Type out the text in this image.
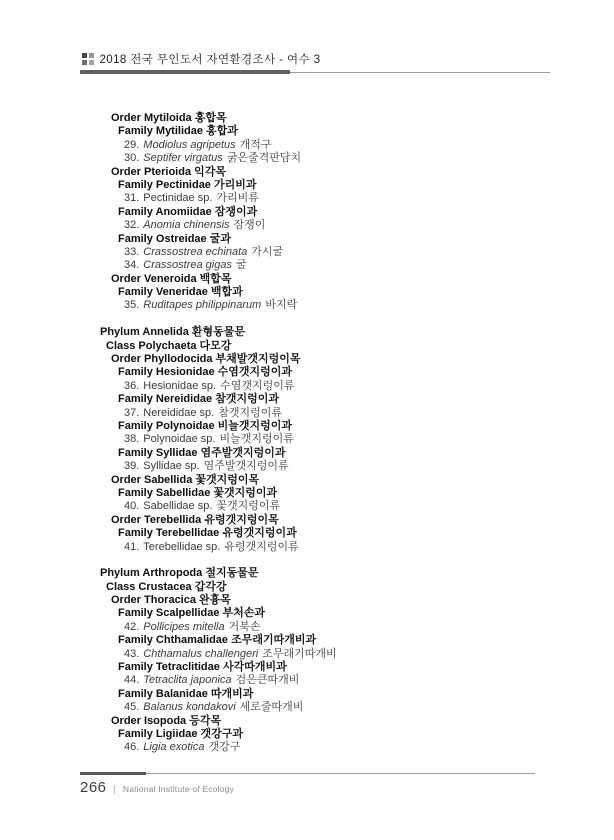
2018 전국 무인도서 자연환경조사 - 여수 3
Order Mytiloida 홍합목
Family Mytilidae 홍합과
29. Modiolus agripetus 개적구
30. Septifer virgatus 굵은줄격판담치
Order Pterioida 익각목
Family Pectinidae 가리비과
31. Pectinidae sp. 가리비류
Family Anomiidae 잠쟁이과
32. Anomia chinensis 잠쟁이
Family Ostreidae 굴과
33. Crassostrea echinata 가시굴
34. Crassostrea gigas 굴
Order Veneroida 백합목
Family Veneridae 백합과
35. Ruditapes philippinarum 바지락
Phylum Annelida 환형동물문
Class Polychaeta 다모강
Order Phyllodocida 부채발갯지렁이목
Family Hesionidae 수염갯지렁이과
36. Hesionidae sp. 수염갯지렁이류
Family Nereididae 참갯지렁이과
37. Nereididae sp. 참갯지렁이류
Family Polynoidae 비늘갯지렁이과
38. Polynoidae sp. 비늘갯지렁이류
Family Syllidae 염주발갯지렁이과
39. Syllidae sp. 염주발갯지렁이류
Order Sabellida 꽃갯지렁이목
Family Sabellidae 꽃갯지렁이과
40. Sabellidae sp. 꽃갯지렁이류
Order Terebellida 유령갯지렁이목
Family Terebellidae 유령갯지렁이과
41. Terebellidae sp. 유령갯지렁이류
Phylum Arthropoda 절지동물문
Class Crustacea 갑각강
Order Thoracica 완흉목
Family Scalpellidae 부처손과
42. Pollicipes mitella 거북손
Family Chthamalidae 조무래기따개비과
43. Chthamalus challengeri 조무래기따개비
Family Tetraclitidae 사각따개비과
44. Tetraclita japonica 검은큰따개비
Family Balanidae 따개비과
45. Balanus kondakovi 세로줄따개비
Order Isopoda 등각목
Family Ligiidae 갯강구과
46. Ligia exotica 갯강구
266 | National Institute of Ecology
